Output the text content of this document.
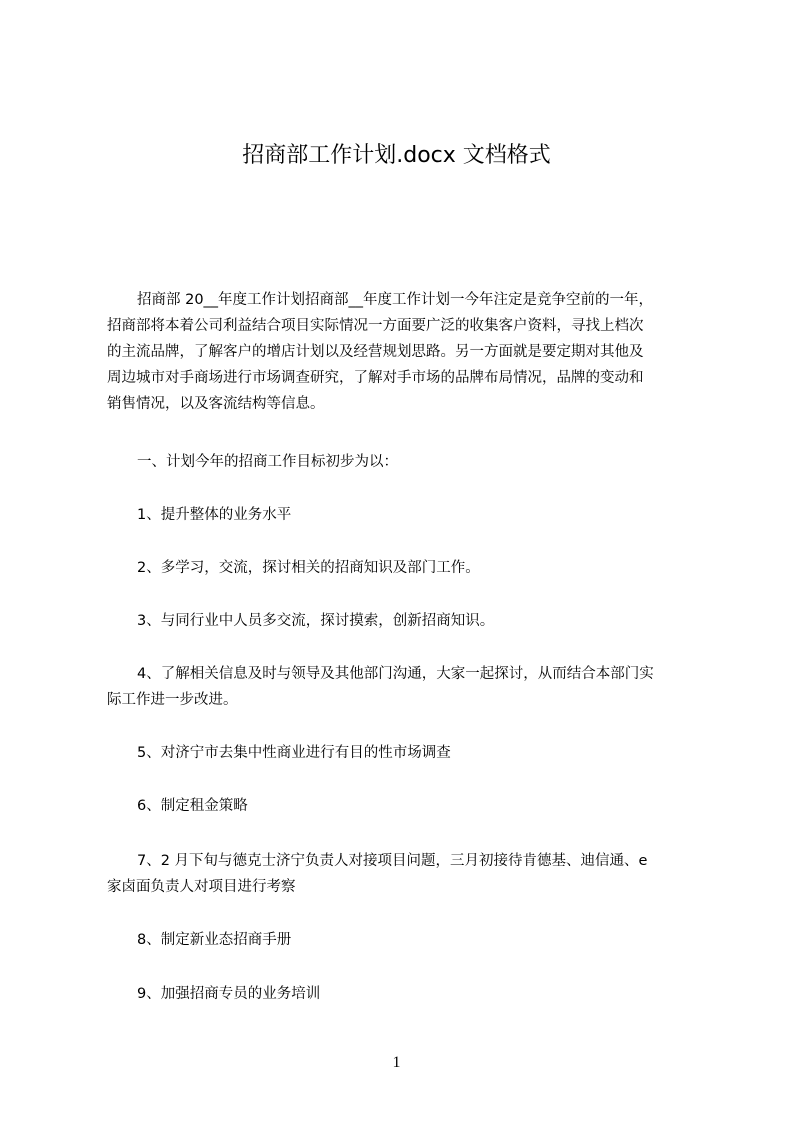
招商部工作计划.docx 文档格式

招商部 20__年度工作计划招商部__年度工作计划一今年注定是竞争空前的一年，
招商部将本着公司利益结合项目实际情况一方面要广泛的收集客户资料，寻找上档次
的主流品牌，了解客户的增店计划以及经营规划思路。另一方面就是要定期对其他及
周边城市对手商场进行市场调查研究，了解对手市场的品牌布局情况，品牌的变动和
销售情况，以及客流结构等信息。

一、计划今年的招商工作目标初步为以：

1、提升整体的业务水平

2、多学习，交流，探讨相关的招商知识及部门工作。

3、与同行业中人员多交流，探讨摸索，创新招商知识。

4、了解相关信息及时与领导及其他部门沟通，大家一起探讨，从而结合本部门实
际工作进一步改进。

5、对济宁市去集中性商业进行有目的性市场调查

6、制定租金策略

7、2 月下旬与德克士济宁负责人对接项目问题，三月初接待肯德基、迪信通、e
家卤面负责人对项目进行考察

8、制定新业态招商手册

9、加强招商专员的业务培训

1
